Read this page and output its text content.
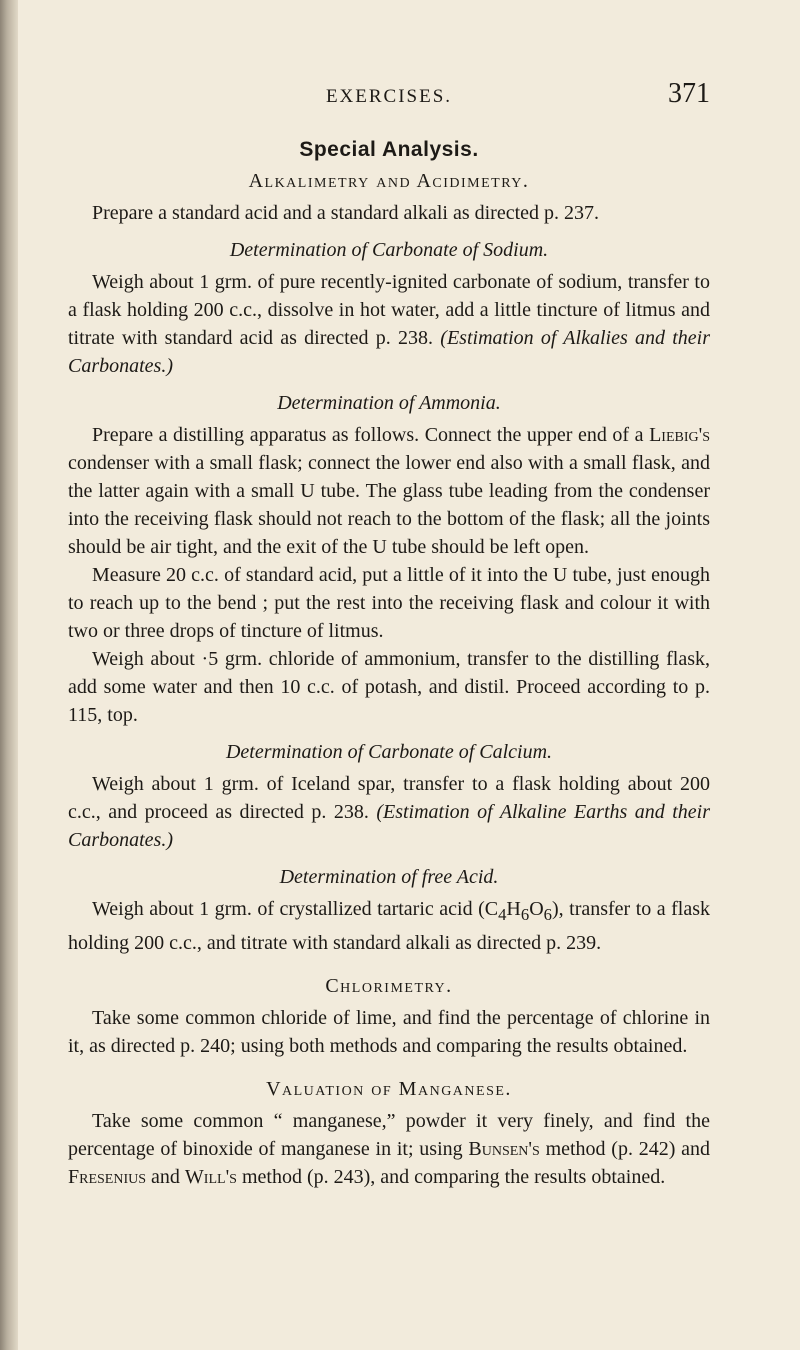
EXERCISES.	371
Special Analysis.
Alkalimetry and Acidimetry.

Prepare a standard acid and a standard alkali as directed p. 237.

Determination of Carbonate of Sodium.

Weigh about 1 grm. of pure recently-ignited carbonate of sodium, transfer to a flask holding 200 c.c., dissolve in hot water, add a little tincture of litmus and titrate with standard acid as directed p. 238. (Estimation of Alkalies and their Carbonates.)

Determination of Ammonia.

Prepare a distilling apparatus as follows. Connect the upper end of a Liebig's condenser with a small flask; connect the lower end also with a small flask, and the latter again with a small U tube. The glass tube leading from the condenser into the receiving flask should not reach to the bottom of the flask; all the joints should be air tight, and the exit of the U tube should be left open.

Measure 20 c.c. of standard acid, put a little of it into the U tube, just enough to reach up to the bend ; put the rest into the receiving flask and colour it with two or three drops of tincture of litmus.

Weigh about ·5 grm. chloride of ammonium, transfer to the distilling flask, add some water and then 10 c.c. of potash, and distil. Proceed according to p. 115, top.

Determination of Carbonate of Calcium.

Weigh about 1 grm. of Iceland spar, transfer to a flask holding about 200 c.c., and proceed as directed p. 238. (Estimation of Alkaline Earths and their Carbonates.)

Determination of free Acid.

Weigh about 1 grm. of crystallized tartaric acid $(C_4H_6O_6)$, transfer to a flask holding 200 c.c., and titrate with standard alkali as directed p. 239.

Chlorimetry.

Take some common chloride of lime, and find the percentage of chlorine in it, as directed p. 240; using both methods and comparing the results obtained.

Valuation of Manganese.

Take some common “ manganese,” powder it very finely, and find the percentage of binoxide of manganese in it; using Bunsen's method (p. 242) and Fresenius and Will's method (p. 243), and comparing the results obtained.
